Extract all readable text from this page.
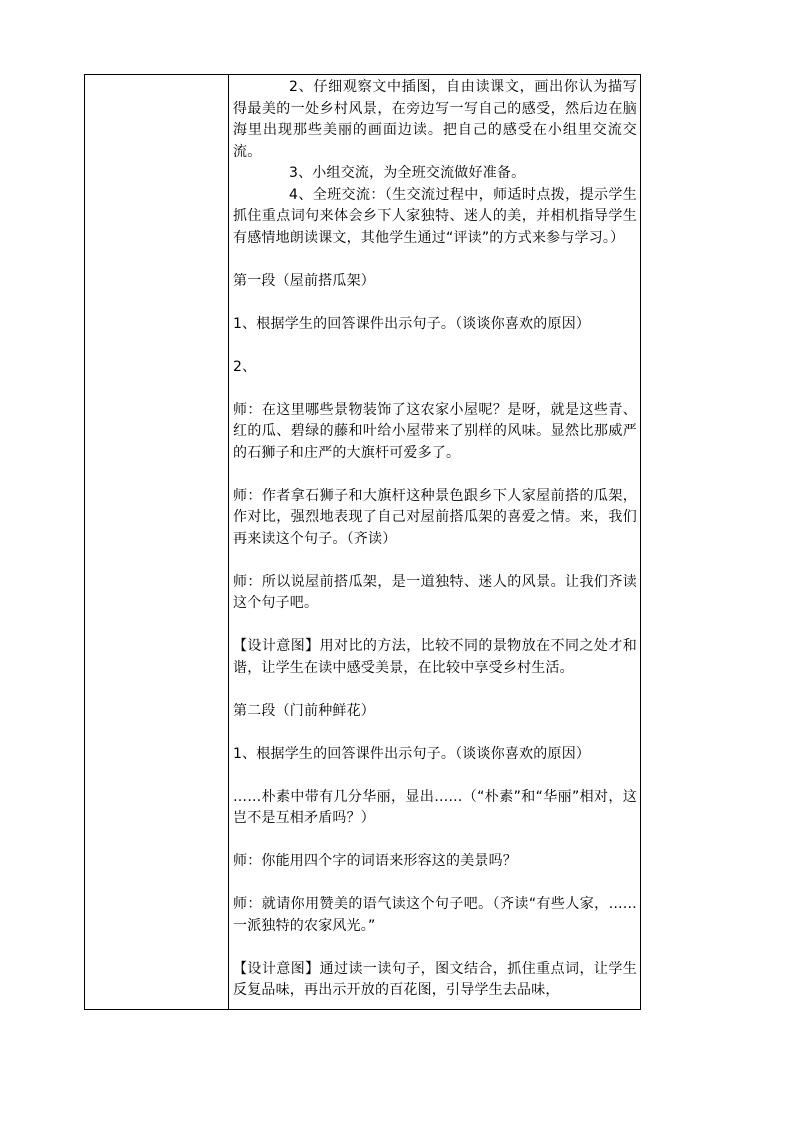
2、仔细观察文中插图，自由读课文，画出你认为描写得最美的一处乡村风景，在旁边写一写自己的感受，然后边在脑海里出现那些美丽的画面边读。把自己的感受在小组里交流交流。

3、小组交流，为全班交流做好准备。

4、全班交流：（生交流过程中，师适时点拨，提示学生抓住重点词句来体会乡下人家独特、迷人的美，并相机指导学生有感情地朗读课文，其他学生通过“评读”的方式来参与学习。）

第一段（屋前搭瓜架）

1、根据学生的回答课件出示句子。（谈谈你喜欢的原因）

2、

师：在这里哪些景物装饰了这农家小屋呢？是呀，就是这些青、红的瓜、碧绿的藤和叶给小屋带来了别样的风味。显然比那威严的石狮子和庄严的大旗杆可爱多了。

师：作者拿石狮子和大旗杆这种景色跟乡下人家屋前搭的瓜架，作对比，强烈地表现了自己对屋前搭瓜架的喜爱之情。来，我们再来读这个句子。（齐读）

师：所以说屋前搭瓜架，是一道独特、迷人的风景。让我们齐读这个句子吧。

【设计意图】用对比的方法，比较不同的景物放在不同之处才和谐，让学生在读中感受美景，在比较中享受乡村生活。

第二段（门前种鲜花）

1、根据学生的回答课件出示句子。（谈谈你喜欢的原因）

……朴素中带有几分华丽，显出……（“朴素”和“华丽”相对，这岂不是互相矛盾吗？）

师：你能用四个字的词语来形容这的美景吗？

师：就请你用赞美的语气读这个句子吧。（齐读“有些人家，……一派独特的农家风光。”

【设计意图】通过读一读句子，图文结合，抓住重点词，让学生反复品味，再出示开放的百花图，引导学生去品味，
